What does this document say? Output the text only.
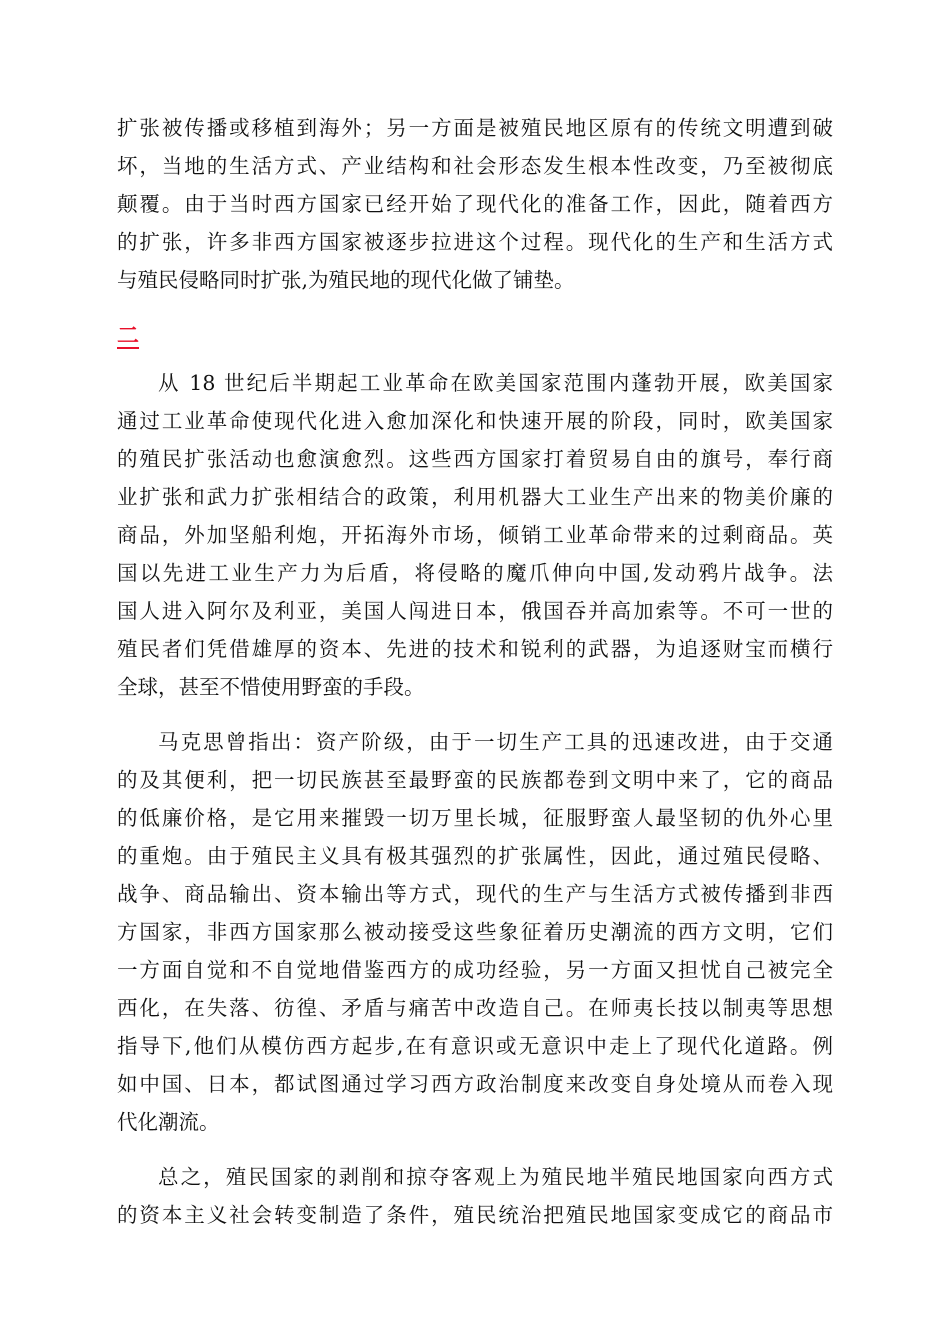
扩张被传播或移植到海外；另一方面是被殖民地区原有的传统文明遭到破
坏，当地的生活方式、产业结构和社会形态发生根本性改变，乃至被彻底
颠覆。由于当时西方国家已经开始了现代化的准备工作，因此，随着西方
的扩张，许多非西方国家被逐步拉进这个过程。现代化的生产和生活方式
与殖民侵略同时扩张,为殖民地的现代化做了铺垫。
二
从 18 世纪后半期起工业革命在欧美国家范围内蓬勃开展，欧美国家
通过工业革命使现代化进入愈加深化和快速开展的阶段，同时，欧美国家
的殖民扩张活动也愈演愈烈。这些西方国家打着贸易自由的旗号，奉行商
业扩张和武力扩张相结合的政策，利用机器大工业生产出来的物美价廉的
商品，外加坚船利炮，开拓海外市场，倾销工业革命带来的过剩商品。英
国以先进工业生产力为后盾，将侵略的魔爪伸向中国,发动鸦片战争。法
国人进入阿尔及利亚，美国人闯进日本，俄国吞并高加索等。不可一世的
殖民者们凭借雄厚的资本、先进的技术和锐利的武器，为追逐财宝而横行
全球，甚至不惜使用野蛮的手段。
马克思曾指出：资产阶级，由于一切生产工具的迅速改进，由于交通
的及其便利，把一切民族甚至最野蛮的民族都卷到文明中来了，它的商品
的低廉价格，是它用来摧毁一切万里长城，征服野蛮人最坚韧的仇外心里
的重炮。由于殖民主义具有极其强烈的扩张属性，因此，通过殖民侵略、
战争、商品输出、资本输出等方式，现代的生产与生活方式被传播到非西
方国家，非西方国家那么被动接受这些象征着历史潮流的西方文明，它们
一方面自觉和不自觉地借鉴西方的成功经验，另一方面又担忧自己被完全
西化，在失落、彷徨、矛盾与痛苦中改造自己。在师夷长技以制夷等思想
指导下,他们从模仿西方起步,在有意识或无意识中走上了现代化道路。例
如中国、日本，都试图通过学习西方政治制度来改变自身处境从而卷入现
代化潮流。
总之，殖民国家的剥削和掠夺客观上为殖民地半殖民地国家向西方式
的资本主义社会转变制造了条件，殖民统治把殖民地国家变成它的商品市
